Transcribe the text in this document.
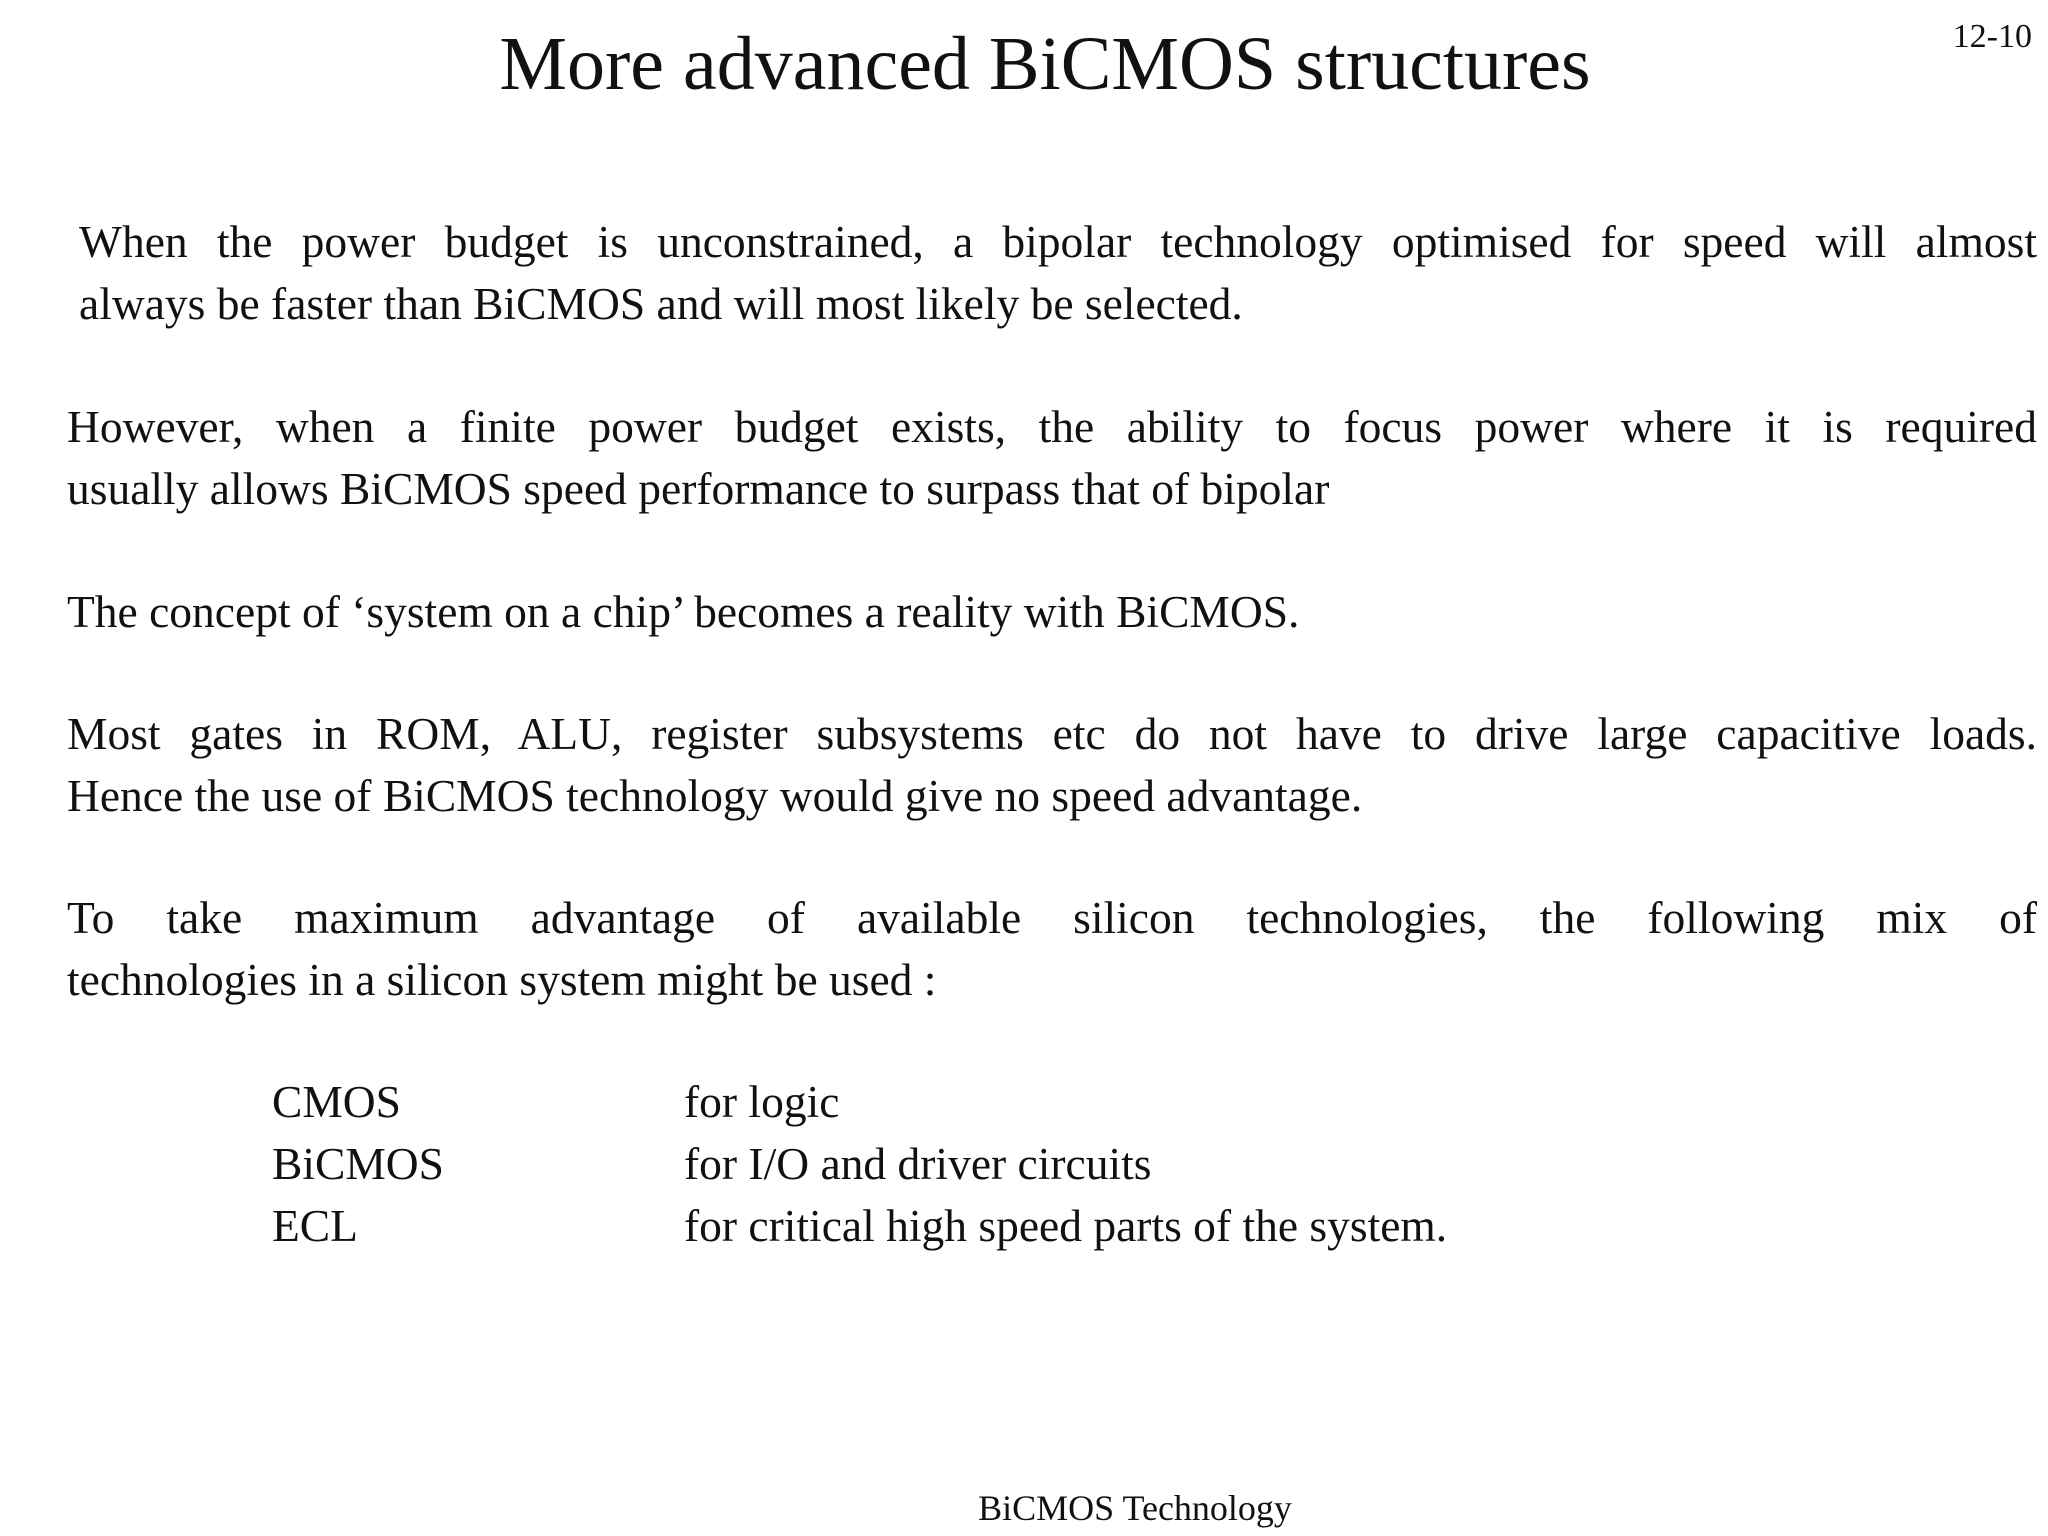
More advanced BiCMOS structures	12-10
When the power budget is unconstrained, a bipolar technology optimised for speed will almost
always be faster than BiCMOS and will most likely be selected.
However, when a finite power budget exists, the ability to focus power where it is required
usually allows BiCMOS speed performance to surpass that of bipolar
The concept of ‘system on a chip’ becomes a reality with BiCMOS.
Most gates in ROM, ALU, register subsystems etc do not have to drive large capacitive loads.
Hence the use of BiCMOS technology would give no speed advantage.
To take maximum advantage of available silicon technologies, the following mix of
technologies in a silicon system might be used :
CMOS	for logic
BiCMOS	for I/O and driver circuits
ECL	for critical high speed parts of the system.
BiCMOS Technology
